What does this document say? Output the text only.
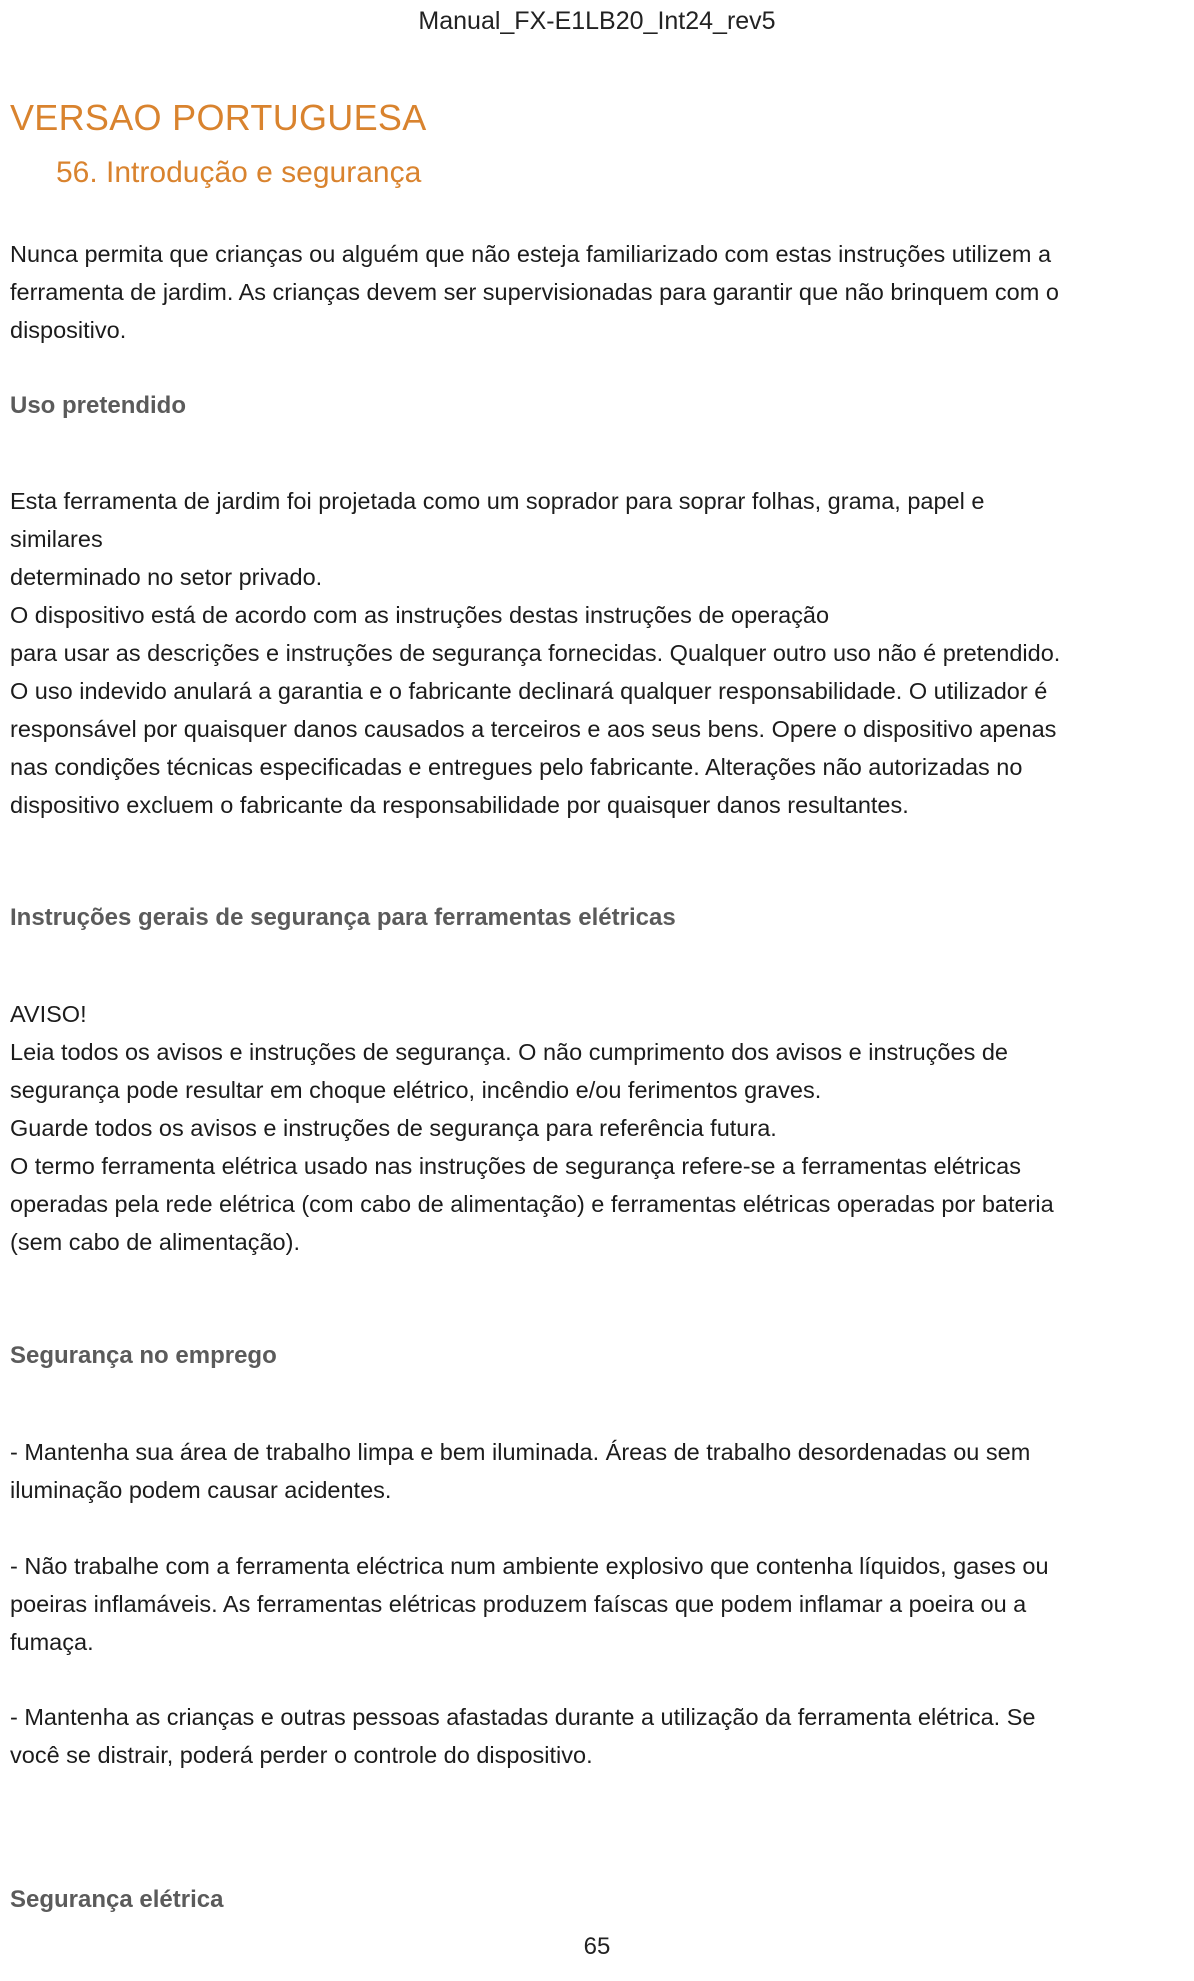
Manual_FX-E1LB20_Int24_rev5
VERSAO PORTUGUESA
56. Introdução e segurança

Nunca permita que crianças ou alguém que não esteja familiarizado com estas instruções utilizem a

ferramenta de jardim. As crianças devem ser supervisionadas para garantir que não brinquem com o

dispositivo.

Uso pretendido

Esta ferramenta de jardim foi projetada como um soprador para soprar folhas, grama, papel e

similares

determinado no setor privado.

O dispositivo está de acordo com as instruções destas instruções de operação

para usar as descrições e instruções de segurança fornecidas. Qualquer outro uso não é pretendido.

O uso indevido anulará a garantia e o fabricante declinará qualquer responsabilidade. O utilizador é

responsável por quaisquer danos causados a terceiros e aos seus bens. Opere o dispositivo apenas

nas condições técnicas especificadas e entregues pelo fabricante. Alterações não autorizadas no

dispositivo excluem o fabricante da responsabilidade por quaisquer danos resultantes.

Instruções gerais de segurança para ferramentas elétricas

AVISO!

Leia todos os avisos e instruções de segurança. O não cumprimento dos avisos e instruções de

segurança pode resultar em choque elétrico, incêndio e/ou ferimentos graves.

Guarde todos os avisos e instruções de segurança para referência futura.

O termo ferramenta elétrica usado nas instruções de segurança refere-se a ferramentas elétricas

operadas pela rede elétrica (com cabo de alimentação) e ferramentas elétricas operadas por bateria

(sem cabo de alimentação).

Segurança no emprego

- Mantenha sua área de trabalho limpa e bem iluminada. Áreas de trabalho desordenadas ou sem

iluminação podem causar acidentes.

- Não trabalhe com a ferramenta eléctrica num ambiente explosivo que contenha líquidos, gases ou

poeiras inflamáveis. As ferramentas elétricas produzem faíscas que podem inflamar a poeira ou a

fumaça.

- Mantenha as crianças e outras pessoas afastadas durante a utilização da ferramenta elétrica. Se

você se distrair, poderá perder o controle do dispositivo.

Segurança elétrica
65
